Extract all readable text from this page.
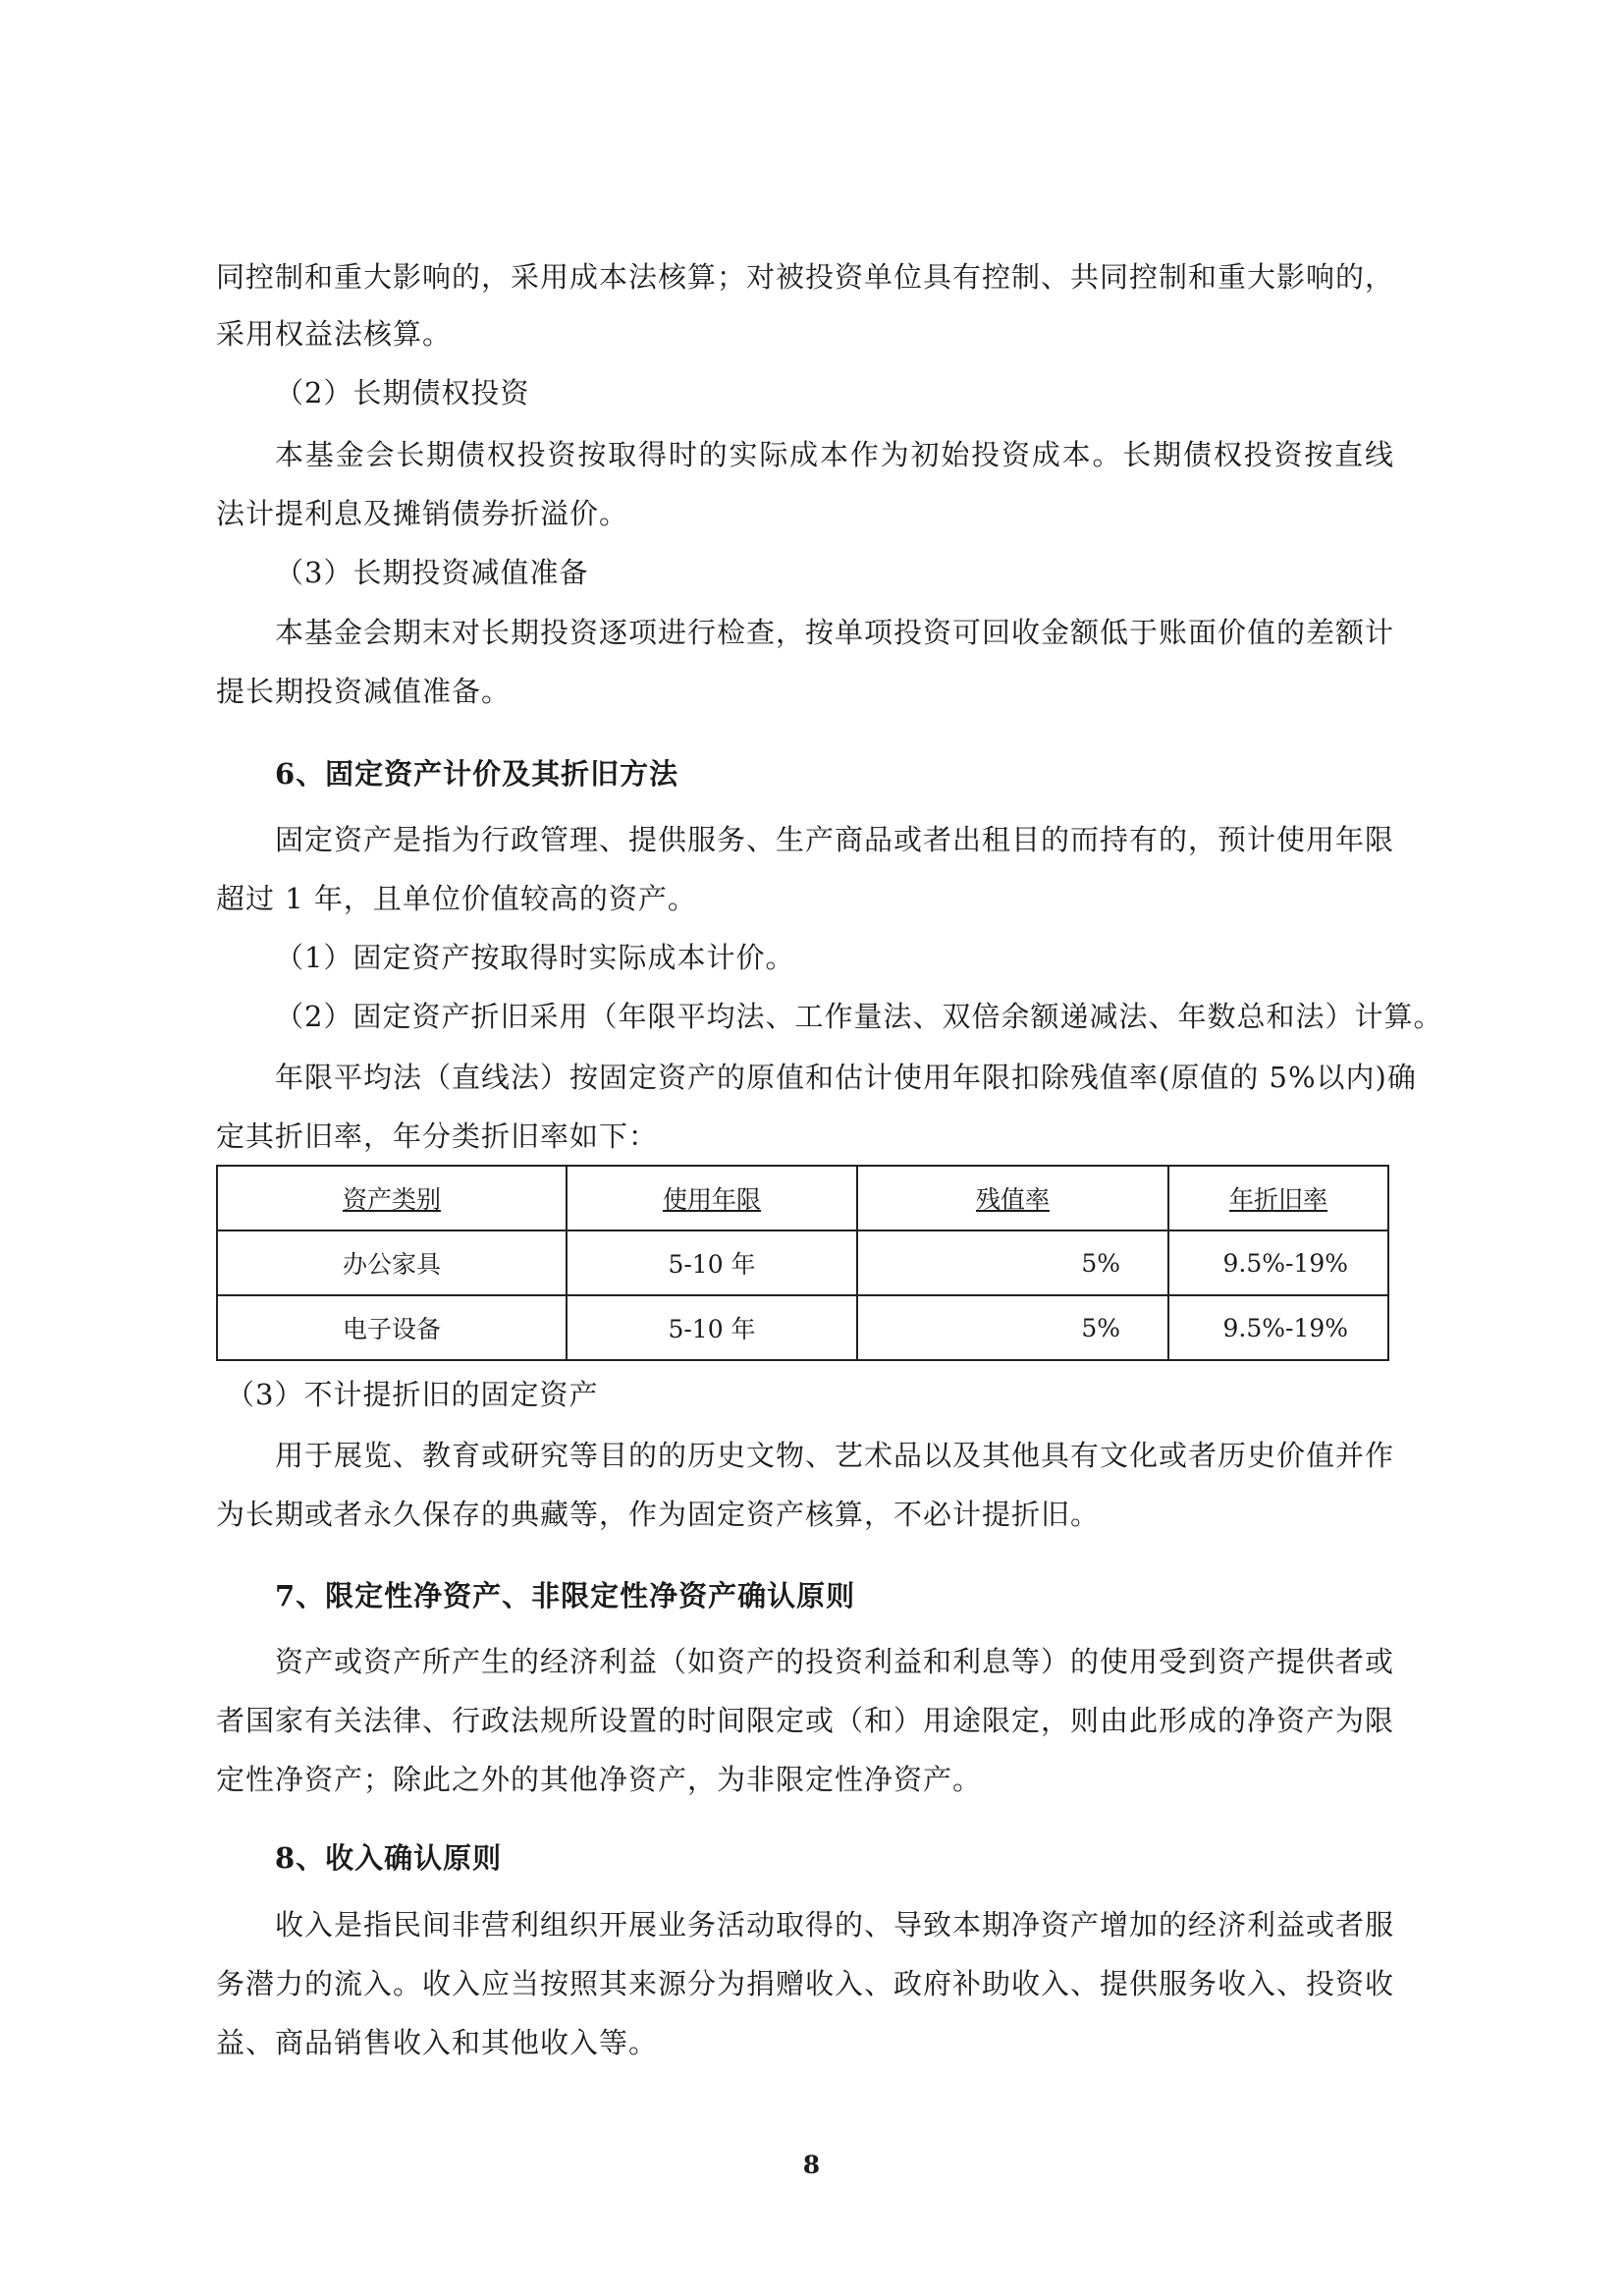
同控制和重大影响的，采用成本法核算；对被投资单位具有控制、共同控制和重大影响的，
采用权益法核算。
（2）长期债权投资
本基金会长期债权投资按取得时的实际成本作为初始投资成本。长期债权投资按直线
法计提利息及摊销债券折溢价。
（3）长期投资减值准备
本基金会期末对长期投资逐项进行检查，按单项投资可回收金额低于账面价值的差额计
提长期投资减值准备。
6、固定资产计价及其折旧方法
固定资产是指为行政管理、提供服务、生产商品或者出租目的而持有的，预计使用年限
超过 1 年，且单位价值较高的资产。
（1）固定资产按取得时实际成本计价。
（2）固定资产折旧采用（年限平均法、工作量法、双倍余额递减法、年数总和法）计算。
年限平均法（直线法）按固定资产的原值和估计使用年限扣除残值率(原值的 5%以内)确
定其折旧率，年分类折旧率如下：
资产类别	使用年限	残值率	年折旧率
办公家具	5-10 年	5%	9.5%-19%
电子设备	5-10 年	5%	9.5%-19%
（3）不计提折旧的固定资产
用于展览、教育或研究等目的的历史文物、艺术品以及其他具有文化或者历史价值并作
为长期或者永久保存的典藏等，作为固定资产核算，不必计提折旧。
7、限定性净资产、非限定性净资产确认原则
资产或资产所产生的经济利益（如资产的投资利益和利息等）的使用受到资产提供者或
者国家有关法律、行政法规所设置的时间限定或（和）用途限定，则由此形成的净资产为限
定性净资产；除此之外的其他净资产，为非限定性净资产。
8、收入确认原则
收入是指民间非营利组织开展业务活动取得的、导致本期净资产增加的经济利益或者服
务潜力的流入。收入应当按照其来源分为捐赠收入、政府补助收入、提供服务收入、投资收
益、商品销售收入和其他收入等。
8
